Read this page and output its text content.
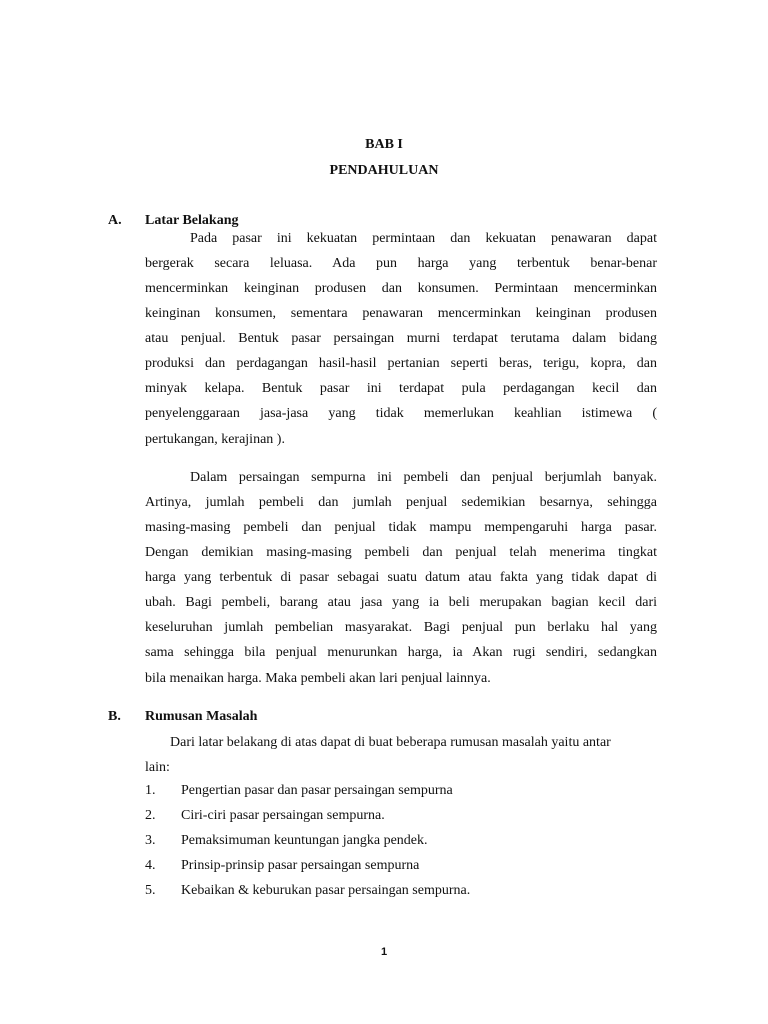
BAB I
PENDAHULUAN
A. Latar Belakang
Pada pasar ini kekuatan permintaan dan kekuatan penawaran dapat
bergerak secara leluasa. Ada pun harga yang terbentuk benar-benar
mencerminkan keinginan produsen dan konsumen. Permintaan mencerminkan
keinginan konsumen, sementara penawaran mencerminkan keinginan produsen
atau penjual. Bentuk pasar persaingan murni terdapat terutama dalam bidang
produksi dan perdagangan hasil-hasil pertanian seperti beras, terigu, kopra, dan
minyak kelapa. Bentuk pasar ini terdapat pula perdagangan kecil dan
penyelenggaraan jasa-jasa yang tidak memerlukan keahlian istimewa (
pertukangan, kerajinan ).
Dalam persaingan sempurna ini pembeli dan penjual berjumlah banyak.
Artinya, jumlah pembeli dan jumlah penjual sedemikian besarnya, sehingga
masing-masing pembeli dan penjual tidak mampu mempengaruhi harga pasar.
Dengan demikian masing-masing pembeli dan penjual telah menerima tingkat
harga yang terbentuk di pasar sebagai suatu datum atau fakta yang tidak dapat di
ubah. Bagi pembeli, barang atau jasa yang ia beli merupakan bagian kecil dari
keseluruhan jumlah pembelian masyarakat. Bagi penjual pun berlaku hal yang
sama sehingga bila penjual menurunkan harga, ia Akan rugi sendiri, sedangkan
bila menaikan harga. Maka pembeli akan lari penjual lainnya.
B. Rumusan Masalah
Dari latar belakang di atas dapat di buat beberapa rumusan masalah yaitu antar
lain:
1. Pengertian pasar dan pasar persaingan sempurna
2. Ciri-ciri pasar persaingan sempurna.
3. Pemaksimuman keuntungan jangka pendek.
4. Prinsip-prinsip pasar persaingan sempurna
5. Kebaikan & keburukan pasar persaingan sempurna.
1
